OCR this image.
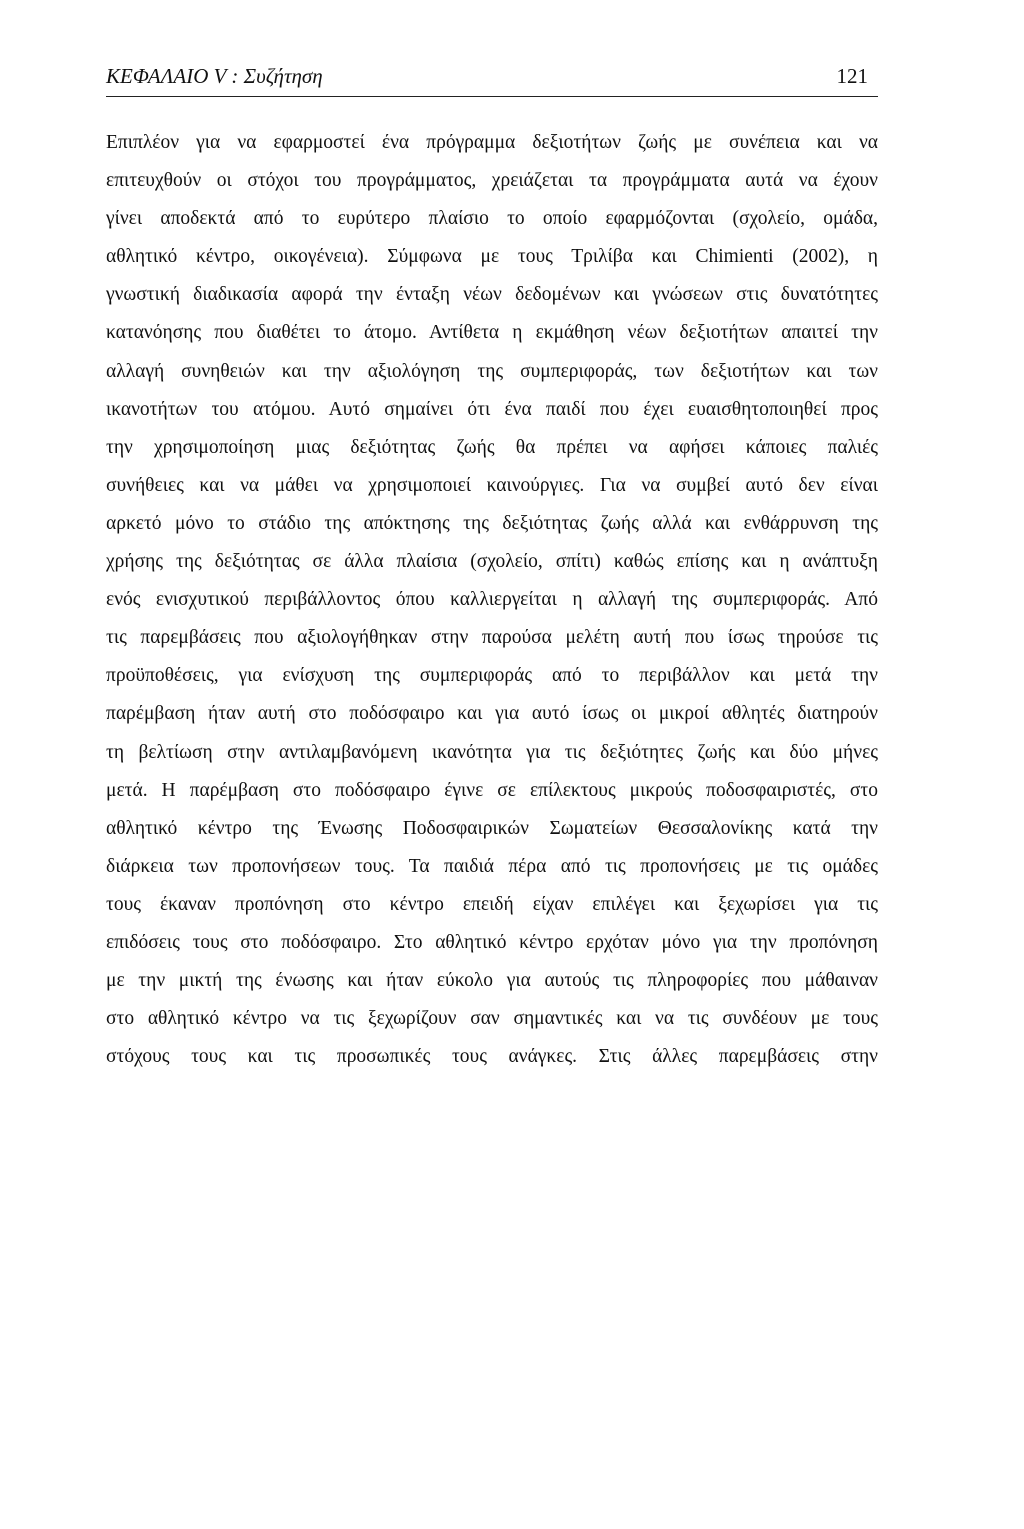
ΚΕΦΑΛΑΙΟ V : Συζήτηση	121
Επιπλέον για να εφαρμοστεί ένα πρόγραμμα δεξιοτήτων ζωής με συνέπεια και να
επιτευχθούν οι στόχοι του προγράμματος, χρειάζεται τα προγράμματα αυτά να έχουν
γίνει αποδεκτά από το ευρύτερο πλαίσιο το οποίο εφαρμόζονται (σχολείο, ομάδα,
αθλητικό κέντρο, οικογένεια). Σύμφωνα με τους Τριλίβα και Chimienti (2002), η
γνωστική διαδικασία αφορά την ένταξη νέων δεδομένων και γνώσεων στις δυνατότητες
κατανόησης που διαθέτει το άτομο. Αντίθετα η εκμάθηση νέων δεξιοτήτων απαιτεί την
αλλαγή συνηθειών και την αξιολόγηση της συμπεριφοράς, των δεξιοτήτων και των
ικανοτήτων του ατόμου. Αυτό σημαίνει ότι ένα παιδί που έχει ευαισθητοποιηθεί προς
την χρησιμοποίηση μιας δεξιότητας ζωής θα πρέπει να αφήσει κάποιες παλιές
συνήθειες και να μάθει να χρησιμοποιεί καινούργιες. Για να συμβεί αυτό δεν είναι
αρκετό μόνο το στάδιο της απόκτησης της δεξιότητας ζωής αλλά και ενθάρρυνση της
χρήσης της δεξιότητας σε άλλα πλαίσια (σχολείο, σπίτι) καθώς επίσης και η ανάπτυξη
ενός ενισχυτικού περιβάλλοντος όπου καλλιεργείται η αλλαγή της συμπεριφοράς. Από
τις παρεμβάσεις που αξιολογήθηκαν στην παρούσα μελέτη αυτή που ίσως τηρούσε τις
προϋποθέσεις, για ενίσχυση της συμπεριφοράς από το περιβάλλον και μετά την
παρέμβαση ήταν αυτή στο ποδόσφαιρο και για αυτό ίσως οι μικροί αθλητές διατηρούν
τη βελτίωση στην αντιλαμβανόμενη ικανότητα για τις δεξιότητες ζωής και δύο μήνες
μετά. Η παρέμβαση στο ποδόσφαιρο έγινε σε επίλεκτους μικρούς ποδοσφαιριστές, στο
αθλητικό κέντρο της Ένωσης Ποδοσφαιρικών Σωματείων Θεσσαλονίκης κατά την
διάρκεια των προπονήσεων τους. Τα παιδιά πέρα από τις προπονήσεις με τις ομάδες
τους έκαναν προπόνηση στο κέντρο επειδή είχαν επιλέγει και ξεχωρίσει για τις
επιδόσεις τους στο ποδόσφαιρο. Στο αθλητικό κέντρο ερχόταν μόνο για την προπόνηση
με την μικτή της ένωσης και ήταν εύκολο για αυτούς τις πληροφορίες που μάθαιναν
στο αθλητικό κέντρο να τις ξεχωρίζουν σαν σημαντικές και να τις συνδέουν με τους
στόχους τους και τις προσωπικές τους ανάγκες. Στις άλλες παρεμβάσεις στην
